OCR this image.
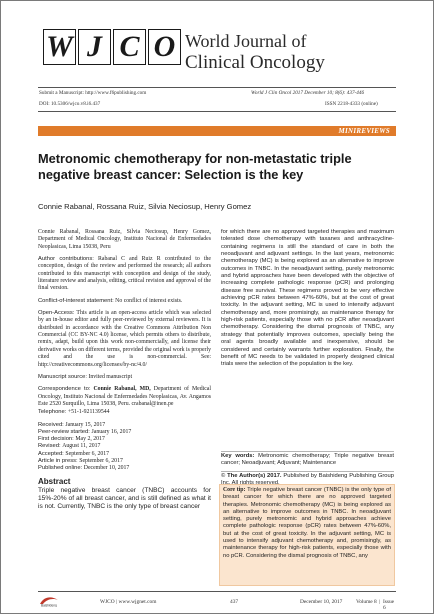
W J C O World Journal of
Clinical Oncology
Submit a Manuscript: http://www.f6publishing.com	World J Clin Oncol 2017 December 10; 8(6): 437-446
DOI: 10.5306/wjco.v8.i6.437	ISSN 2218-4333 (online)
MINIREVIEWS
Metronomic chemotherapy for non-metastatic triple negative breast cancer: Selection is the key
Connie Rabanal, Rossana Ruiz, Silvia Neciosup, Henry Gomez

Connie Rabanal, Rossana Ruiz, Silvia Neciosup, Henry Gomez, Department of Medical Oncology, Instituto Nacional de Enfermedades Neoplasicas, Lima 15038, Peru

Author contributions: Rabanal C and Ruiz R contributed to the conception, design of the review and performed the research; all authors contributed to this manuscript with conception and design of the study, literature review and analysis, editing, critical revision and approval of the final version.

Conflict-of-interest statement: No conflict of interest exists.

Open-Access: This article is an open-access article which was selected by an in-house editor and fully peer-reviewed by external reviewers. It is distributed in accordance with the Creative Commons Attribution Non Commercial (CC BY-NC 4.0) license, which permits others to distribute, remix, adapt, build upon this work non-commercially, and license their derivative works on different terms, provided the original work is properly cited and the use is non-commercial. See: http://creativecommons.org/licenses/by-nc/4.0/

Manuscript source: Invited manuscript

Correspondence to: Connie Rabanal, MD, Department of Medical Oncology, Instituto Nacional de Enfermedades Neoplasicas, Av. Angamos Este 2520 Surquillo, Lima 15038, Peru. crabanal@inen.pe

Telephone: +51-1-921139544

Received: January 15, 2017
Peer-review started: January 16, 2017
First decision: May 2, 2017
Revised: August 11, 2017
Accepted: September 6, 2017
Article in press: September 6, 2017
Published online: December 10, 2017
Abstract
Triple negative breast cancer (TNBC) accounts for 15%-20% of all breast cancer, and is still defined as what it is not. Currently, TNBC is the only type of breast cancer

for which there are no approved targeted therapies and maximum tolerated dose chemotherapy with taxanes and anthracycline-containing regimens is still the standard of care in both the neoadjuvant and adjuvant settings. In the last years, metronomic chemotherapy (MC) is being explored as an alternative to improve outcomes in TNBC. In the neoadjuvant setting, purely metronomic and hybrid approaches have been developed with the objective of increasing complete pathologic response (pCR) and prolonging disease free survival. These regimens proved to be very effective achieving pCR rates between 47%-60%, but at the cost of great toxicity. In the adjuvant setting, MC is used to intensify adjuvant chemotherapy and, more promisingly, as maintenance therapy for high-risk patients, especially those with no pCR after neoadjuvant chemotherapy. Considering the dismal prognosis of TNBC, any strategy that potentially improves outcomes, specially being the oral agents broadly available and inexpensive, should be considered and certainly warrants further exploration. Finally, the benefit of MC needs to be validated in properly designed clinical trials were the selection of the population is the key.

Key words: Metronomic chemotherapy; Triple negative breast cancer; Neoadjuvant; Adjuvant; Maintenance
© The Author(s) 2017. Published by Baishideng Publishing Group
Core tip: Triple negative breast cancer (TNBC) is the only type of breast cancer for which there are no approved targeted therapies. Metronomic chemotherapy (MC) is being explored as an alternative to improve outcomes in TNBC. In neoadjuvant setting, purely metronomic and hybrid approaches achieve complete pathologic response (pCR) rates between 47%-60%, but at the cost of great toxicity. In the adjuvant setting, MC is used to intensify adjuvant chemotherapy and, promisingly, as maintenance therapy for high-risk patients, especially those with no pCR. Considering the dismal prognosis of TNBC, any
Baishideng
WJCO | www.wjgnet.com	437	December 10, 2017	Volume 8 | Issue 6
